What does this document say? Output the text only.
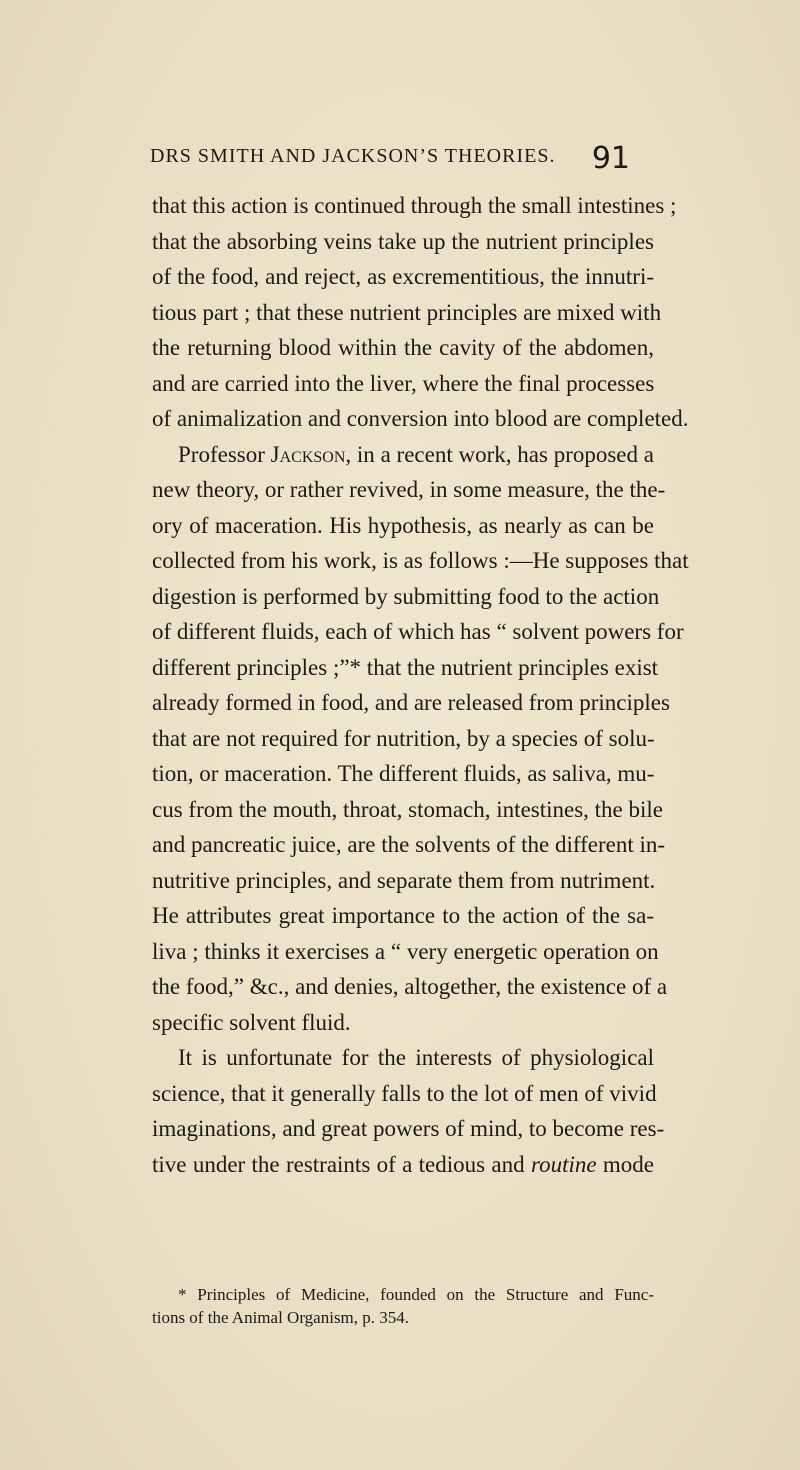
DRS SMITH AND JACKSON’S THEORIES. 91
that this action is continued through the small intestines ;
that the absorbing veins take up the nutrient principles
of the food, and reject, as excrementitious, the innutri-
tious part ; that these nutrient principles are mixed with
the returning blood within the cavity of the abdomen,
and are carried into the liver, where the final processes
of animalization and conversion into blood are completed.
Professor Jackson, in a recent work, has proposed a
new theory, or rather revived, in some measure, the the-
ory of maceration. His hypothesis, as nearly as can be
collected from his work, is as follows :—He supposes that
digestion is performed by submitting food to the action
of different fluids, each of which has “ solvent powers for
different principles ;”* that the nutrient principles exist
already formed in food, and are released from principles
that are not required for nutrition, by a species of solu-
tion, or maceration. The different fluids, as saliva, mu-
cus from the mouth, throat, stomach, intestines, the bile
and pancreatic juice, are the solvents of the different in-
nutritive principles, and separate them from nutriment.
He attributes great importance to the action of the sa-
liva ; thinks it exercises a “ very energetic operation on
the food,” &c., and denies, altogether, the existence of a
specific solvent fluid.
It is unfortunate for the interests of physiological
science, that it generally falls to the lot of men of vivid
imaginations, and great powers of mind, to become res-
tive under the restraints of a tedious and routine mode
* Principles of Medicine, founded on the Structure and Func-
tions of the Animal Organism, p. 354.
